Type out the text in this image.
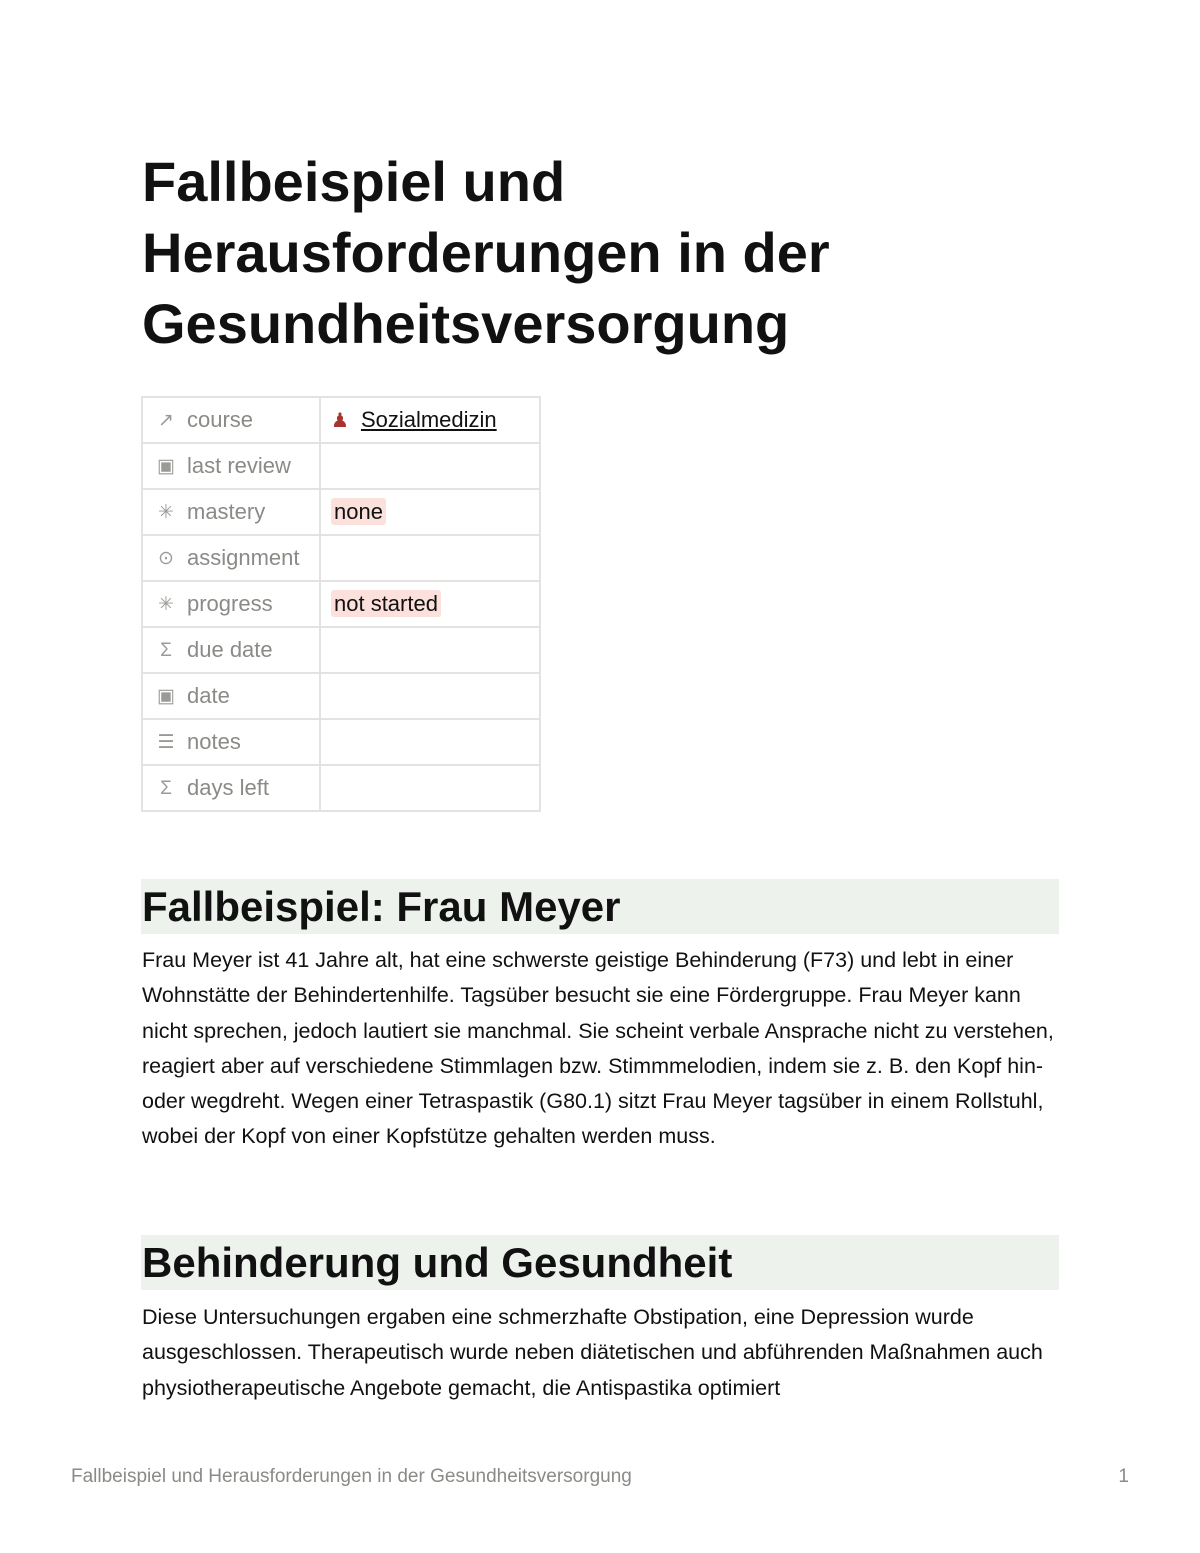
Fallbeispiel und Herausforderungen in der Gesundheitsversorgung
↗ course	♟ Sozialmedizin

▣ last review	

✳ mastery	none

⊙ assignment	

✳ progress	not started

Σ due date	

▣ date	

☰ notes	

Σ days left	

Fallbeispiel: Frau Meyer

Frau Meyer ist 41 Jahre alt, hat eine schwerste geistige Behinderung (F73) und lebt in einer Wohnstätte der Behindertenhilfe. Tagsüber besucht sie eine Fördergruppe. Frau Meyer kann nicht sprechen, jedoch lautiert sie manchmal. Sie scheint verbale Ansprache nicht zu verstehen, reagiert aber auf verschiedene Stimmlagen bzw. Stimmmelodien, indem sie z. B. den Kopf hin- oder wegdreht. Wegen einer Tetraspastik (G80.1) sitzt Frau Meyer tagsüber in einem Rollstuhl, wobei der Kopf von einer Kopfstütze gehalten werden muss.

Behinderung und Gesundheit

Diese Untersuchungen ergaben eine schmerzhafte Obstipation, eine Depression wurde ausgeschlossen. Therapeutisch wurde neben diätetischen und abführenden Maßnahmen auch physiotherapeutische Angebote gemacht, die Antispastika optimiert

Fallbeispiel und Herausforderungen in der Gesundheitsversorgung	1
